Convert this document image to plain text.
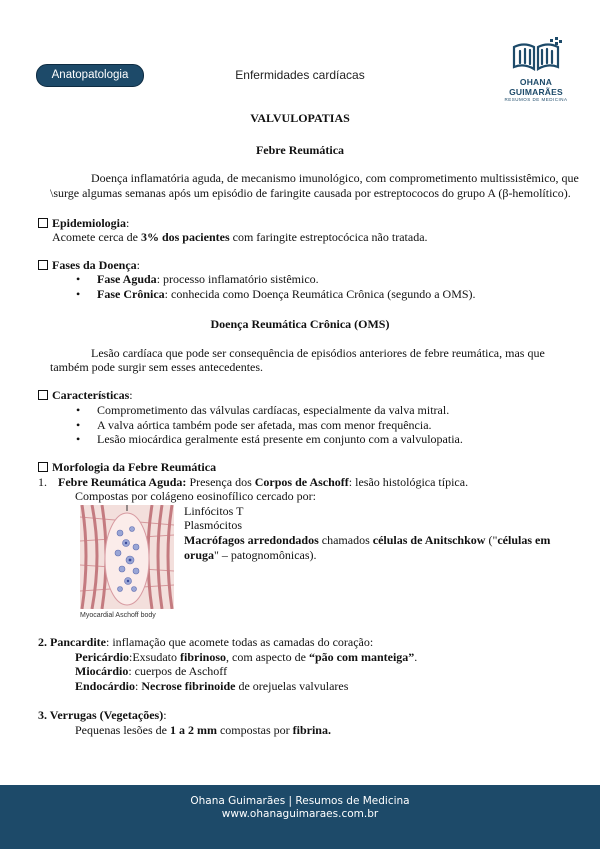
Anatopatologia	Enfermidades cardíacas	OHANA GUIMARÃES
RESUMOS DE MEDICINA
VALVULOPATIAS
Febre Reumática
Doença inflamatória aguda, de mecanismo imunológico, com comprometimento multissistêmico, que
\surge algumas semanas após um episódio de faringite causada por estreptococos do grupo A (β-hemolítico).
Epidemiologia:
Acomete cerca de 3% dos pacientes com faringite estreptocócica não tratada.
Fases da Doença:
• Fase Aguda: processo inflamatório sistêmico.
• Fase Crônica: conhecida como Doença Reumática Crônica (segundo a OMS).
Doença Reumática Crônica (OMS)
Lesão cardíaca que pode ser consequência de episódios anteriores de febre reumática, mas que
também pode surgir sem esses antecedentes.
Características:
• Comprometimento das válvulas cardíacas, especialmente da valva mitral.
• A valva aórtica também pode ser afetada, mas com menor frequência.
• Lesão miocárdica geralmente está presente em conjunto com a valvulopatia.
Morfologia da Febre Reumática
1. Febre Reumática Aguda: Presença dos Corpos de Aschoff: lesão histológica típica.
Compostas por colágeno eosinofílico cercado por:
Linfócitos T
Plasmócitos
Macrófagos arredondados chamados células de Anitschkow ("células em
oruga" – patognomônicas).
Myocardial Aschoff body
2. Pancardite: inflamação que acomete todas as camadas do coração:
Pericárdio:Exsudato fibrinoso, com aspecto de “pão com manteiga”.
Miocárdio: cuerpos de Aschoff
Endocárdio: Necrose fibrinoide de orejuelas valvulares
3. Verrugas (Vegetações):
Pequenas lesões de 1 a 2 mm compostas por fibrina.
Ohana Guimarães | Resumos de Medicina
www.ohanaguimaraes.com.br
